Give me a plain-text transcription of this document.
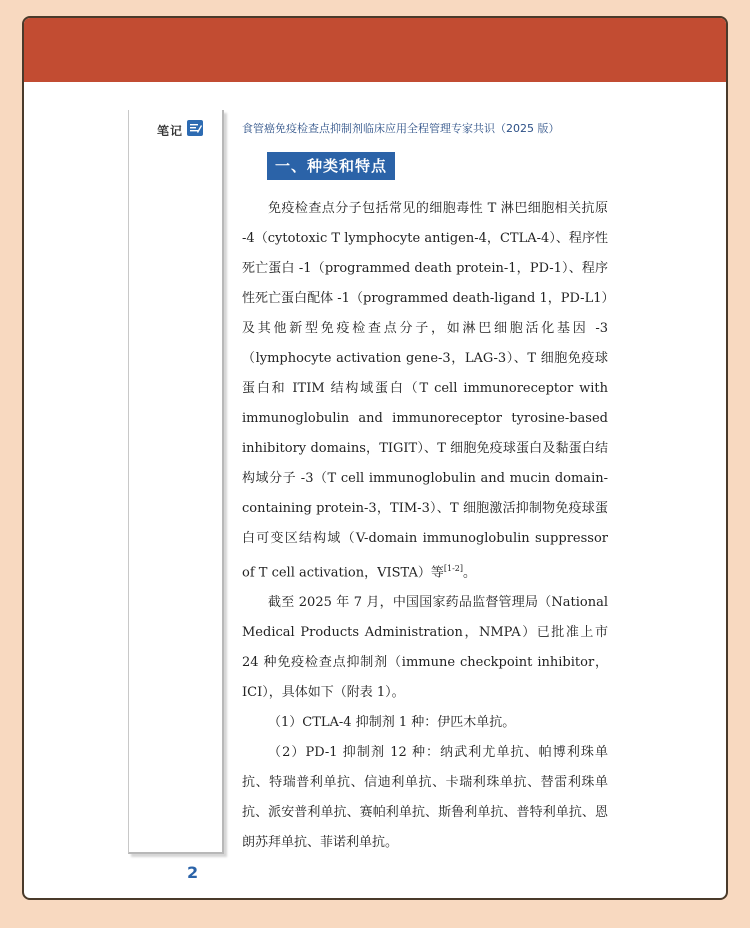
笔记	食管癌免疫检查点抑制剂临床应用全程管理专家共识（2025 版）
一、种类和特点

免疫检查点分子包括常见的细胞毒性 T 淋巴细胞相关抗原 -4（cytotoxic T lymphocyte antigen-4，CTLA-4）、程序性死亡蛋白 -1（programmed death protein-1，PD-1）、程序性死亡蛋白配体 -1（programmed death-ligand 1，PD-L1）及其他新型免疫检查点分子，如淋巴细胞活化基因 -3（lymphocyte activation gene-3，LAG-3）、T 细胞免疫球蛋白和 ITIM 结构域蛋白（T cell immunoreceptor with immunoglobulin and immunoreceptor tyrosine-based inhibitory domains，TIGIT）、T 细胞免疫球蛋白及黏蛋白结构域分子 -3（T cell immunoglobulin and mucin domain-containing protein-3，TIM-3）、T 细胞激活抑制物免疫球蛋白可变区结构域（V-domain immunoglobulin suppressor of T cell activation，VISTA）等[1-2]。

截至 2025 年 7 月，中国国家药品监督管理局（National Medical Products Administration，NMPA）已批准上市 24 种免疫检查点抑制剂（immune checkpoint inhibitor，ICI），具体如下（附表 1）。

（1）CTLA-4 抑制剂 1 种：伊匹木单抗。

（2）PD-1 抑制剂 12 种：纳武利尤单抗、帕博利珠单抗、特瑞普利单抗、信迪利单抗、卡瑞利珠单抗、替雷利珠单抗、派安普利单抗、赛帕利单抗、斯鲁利单抗、普特利单抗、恩朗苏拜单抗、菲诺利单抗。

2
